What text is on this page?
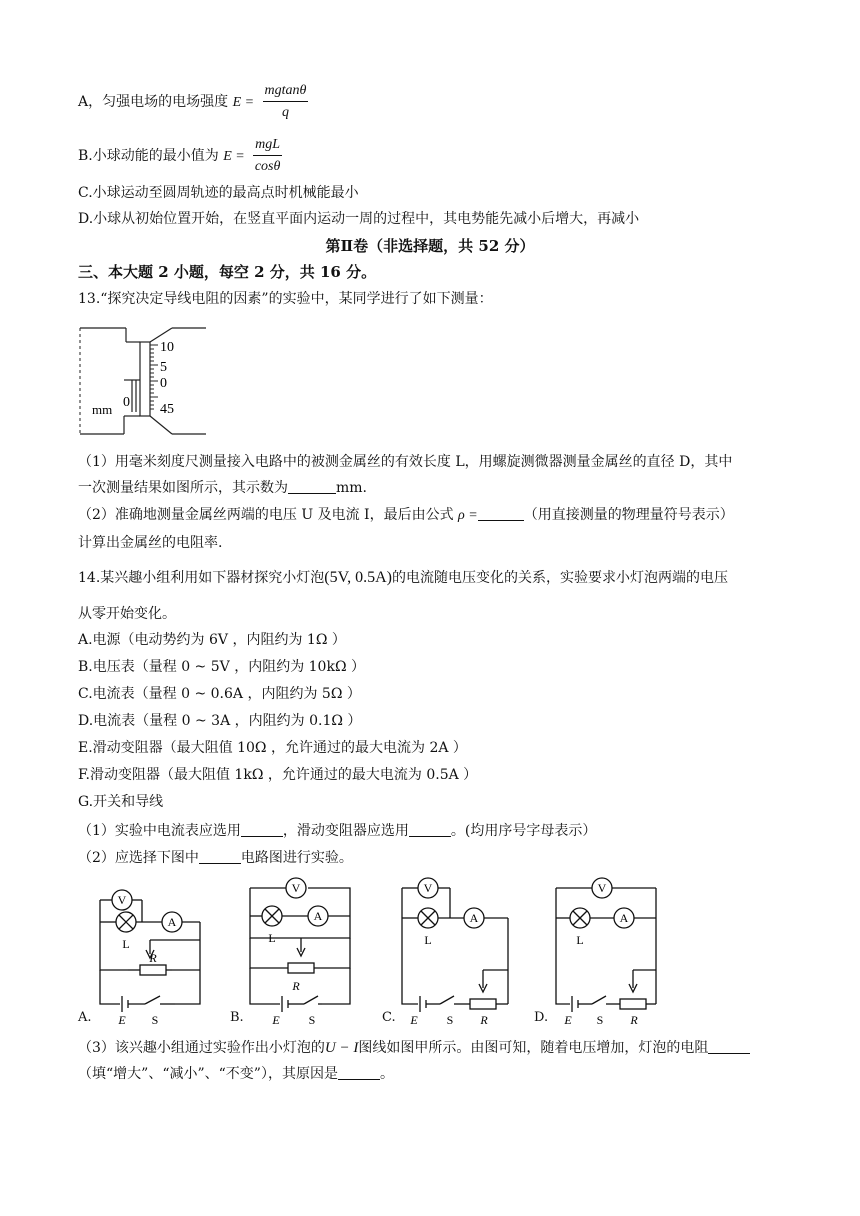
A，匀强电场的电场强度 $E = \frac{mgtan\theta}{q}$
B.小球动能的最小值为 $E = \frac{\text{mgL}}{\cos\theta}$
C.小球运动至圆周轨迹的最高点时机械能最小
D.小球从初始位置开始，在竖直平面内运动一周的过程中，其电势能先减小后增大，再减小
第Ⅱ卷（非选择题，共 52 分）
三、本大题 2 小题，每空 2 分，共 16 分。
13.“探究决定导线电阻的因素”的实验中，某同学进行了如下测量：
10
5
0
45
0
mm
（1）用毫米刻度尺测量接入电路中的被测金属丝的有效长度 L，用螺旋测微器测量金属丝的直径 D，其中
一次测量结果如图所示，其示数为	mm.
（2）准确地测量金属丝两端的电压 U 及电流 I，最后由公式 ρ =	（用直接测量的物理量符号表示）
计算出金属丝的电阻率.
14.某兴趣小组利用如下器材探究小灯泡(5V, 0.5A)的电流随电压变化的关系，实验要求小灯泡两端的电压
从零开始变化。
A.电源（电动势约为 6V ，内阻约为 1Ω ）
B.电压表（量程 0 ~ 5V ，内阻约为 10kΩ ）
C.电流表（量程 0 ~ 0.6A ，内阻约为 5Ω ）
D.电流表（量程 0 ~ 3A ，内阻约为 0.1Ω ）
E.滑动变阻器（最大阻值 10Ω ，允许通过的最大电流为 2A ）
F.滑动变阻器（最大阻值 1kΩ ，允许通过的最大电流为 0.5A ）
G.开关和导线
（1）实验中电流表应选用	，滑动变阻器应选用	。(均用序号字母表示）
（2）应选择下图中	电路图进行实验。
V
A
L
R
E S
V
A
L
R
E S
V
A
L
E S R
V
A
L
E S R
A.	B.	C.	D.
（3）该兴趣小组通过实验作出小灯泡的U − I图线如图甲所示。由图可知，随着电压增加，灯泡的电阻
（填“增大”、“减小”、“不变”），其原因是	。
